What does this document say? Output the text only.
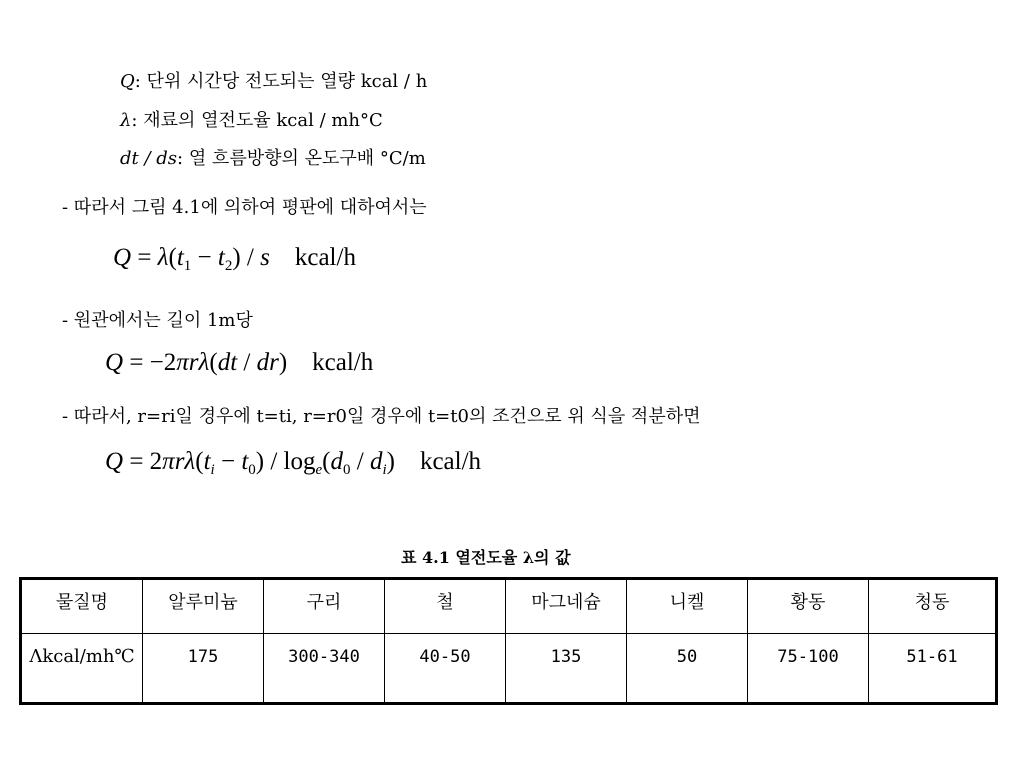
Q: 단위 시간당 전도되는 열량 kcal / h
λ: 재료의 열전도율 kcal / mh°C
dt / ds: 열 흐름방향의 온도구배 °C/m
- 따라서 그림 4.1에 의하여 평판에 대하여서는
$Q = \lambda(t_1 - t_2) / s$ kcal/h
- 원관에서는 길이 1m당
Q = −2πrλ(dt / dr)    kcal/h
- 따라서, r=ri일 경우에 t=ti, r=r0일 경우에 t=t0의 조건으로 위 식을 적분하면
$Q = 2\pi r\lambda(t_i - t_0) / \log_e(d_0 / d_i)$    kcal/h
표 4.1 열전도율 λ의 값
물질명	알루미늄	구리	철	마그네슘	니켈	황동	청동
Λkcal/mh℃	175	300-340	40-50	135	50	75-100	51-61
